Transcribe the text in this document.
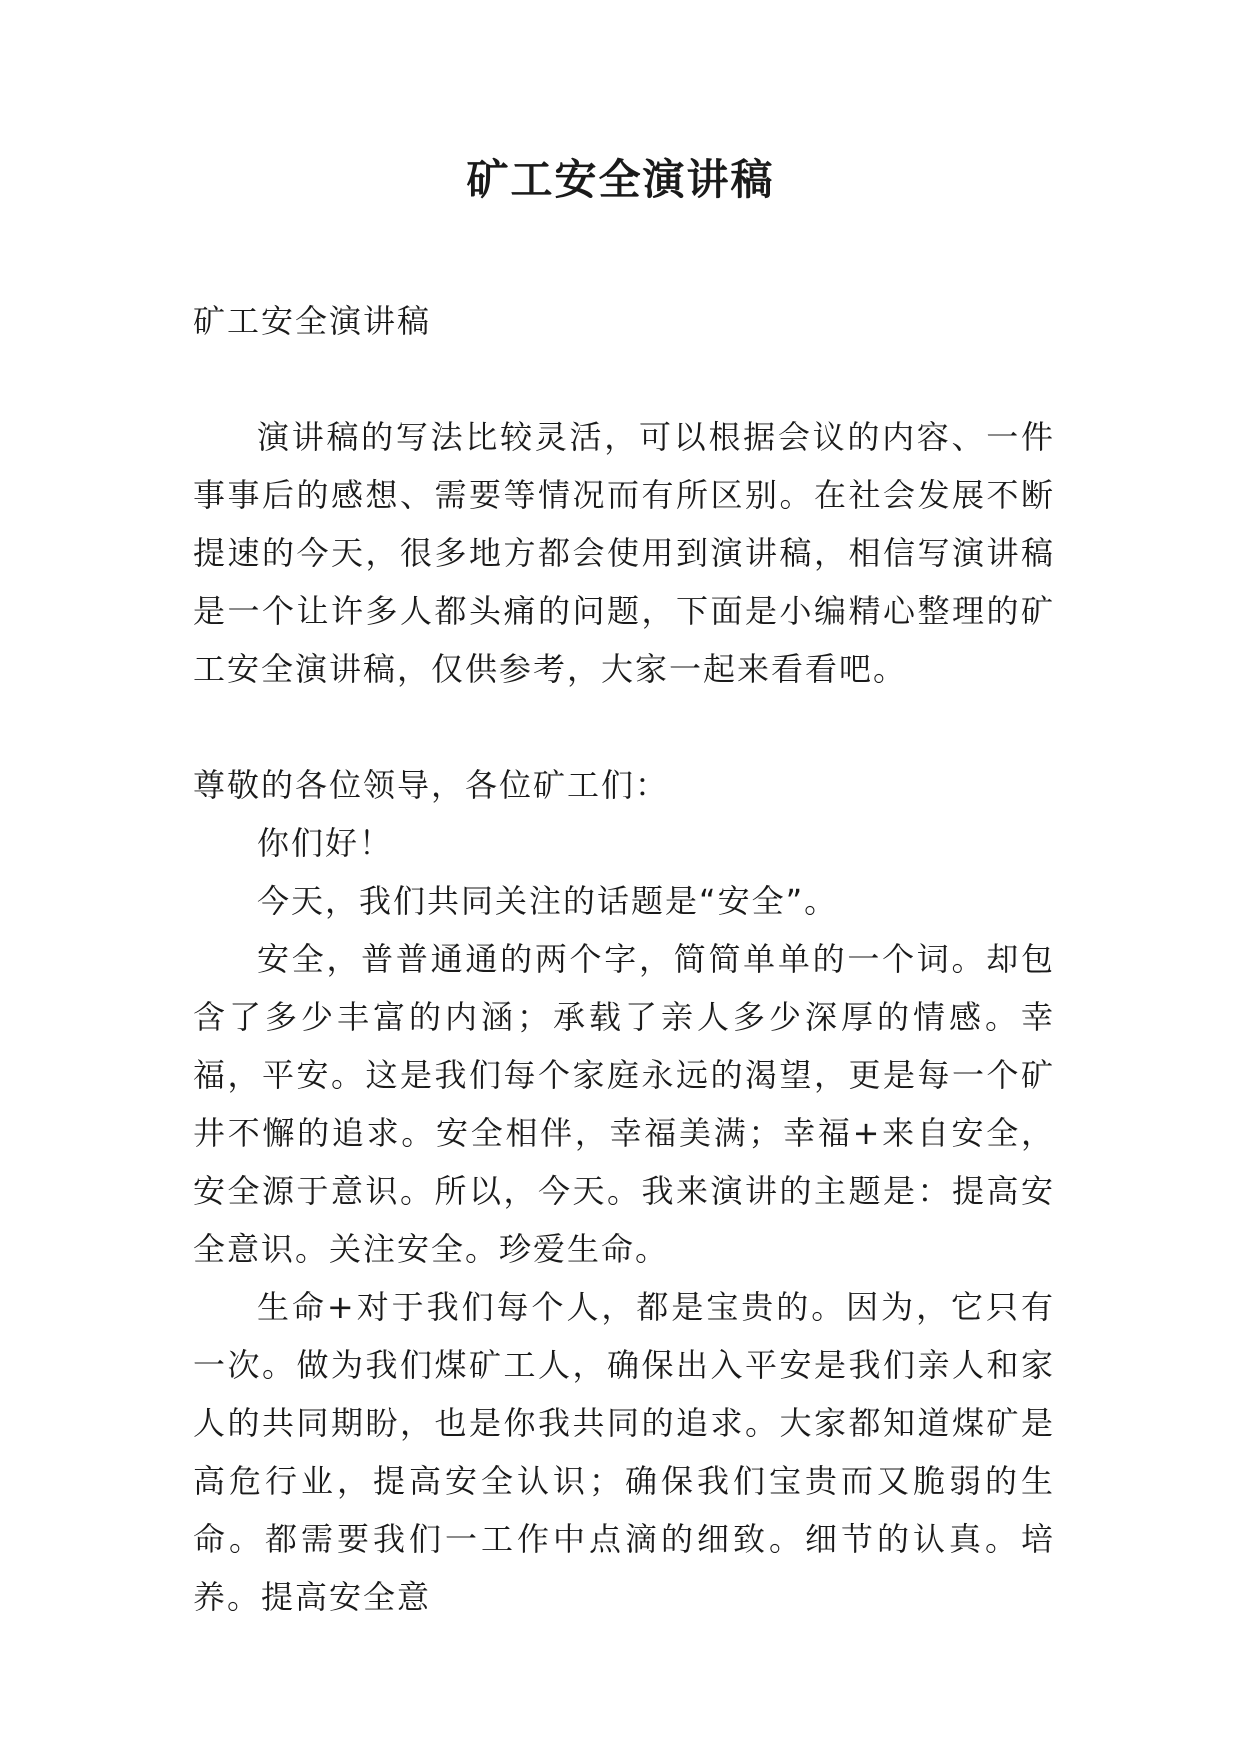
矿工安全演讲稿

矿工安全演讲稿

演讲稿的写法比较灵活，可以根据会议的内容、一件事事后的感想、需要等情况而有所区别。在社会发展不断提速的今天，很多地方都会使用到演讲稿，相信写演讲稿是一个让许多人都头痛的问题，下面是小编精心整理的矿工安全演讲稿，仅供参考，大家一起来看看吧。

尊敬的各位领导，各位矿工们：

你们好！

今天，我们共同关注的话题是“安全”。

安全，普普通通的两个字，简简单单的一个词。却包含了多少丰富的内涵；承载了亲人多少深厚的情感。幸福，平安。这是我们每个家庭永远的渴望，更是每一个矿井不懈的追求。安全相伴，幸福美满；幸福+来自安全，安全源于意识。所以，今天。我来演讲的主题是：提高安全意识。关注安全。珍爱生命。

生命+对于我们每个人，都是宝贵的。因为，它只有一次。做为我们煤矿工人，确保出入平安是我们亲人和家人的共同期盼，也是你我共同的追求。大家都知道煤矿是高危行业，提高安全认识；确保我们宝贵而又脆弱的生命。都需要我们一工作中点滴的细致。细节的认真。培养。提高安全意
